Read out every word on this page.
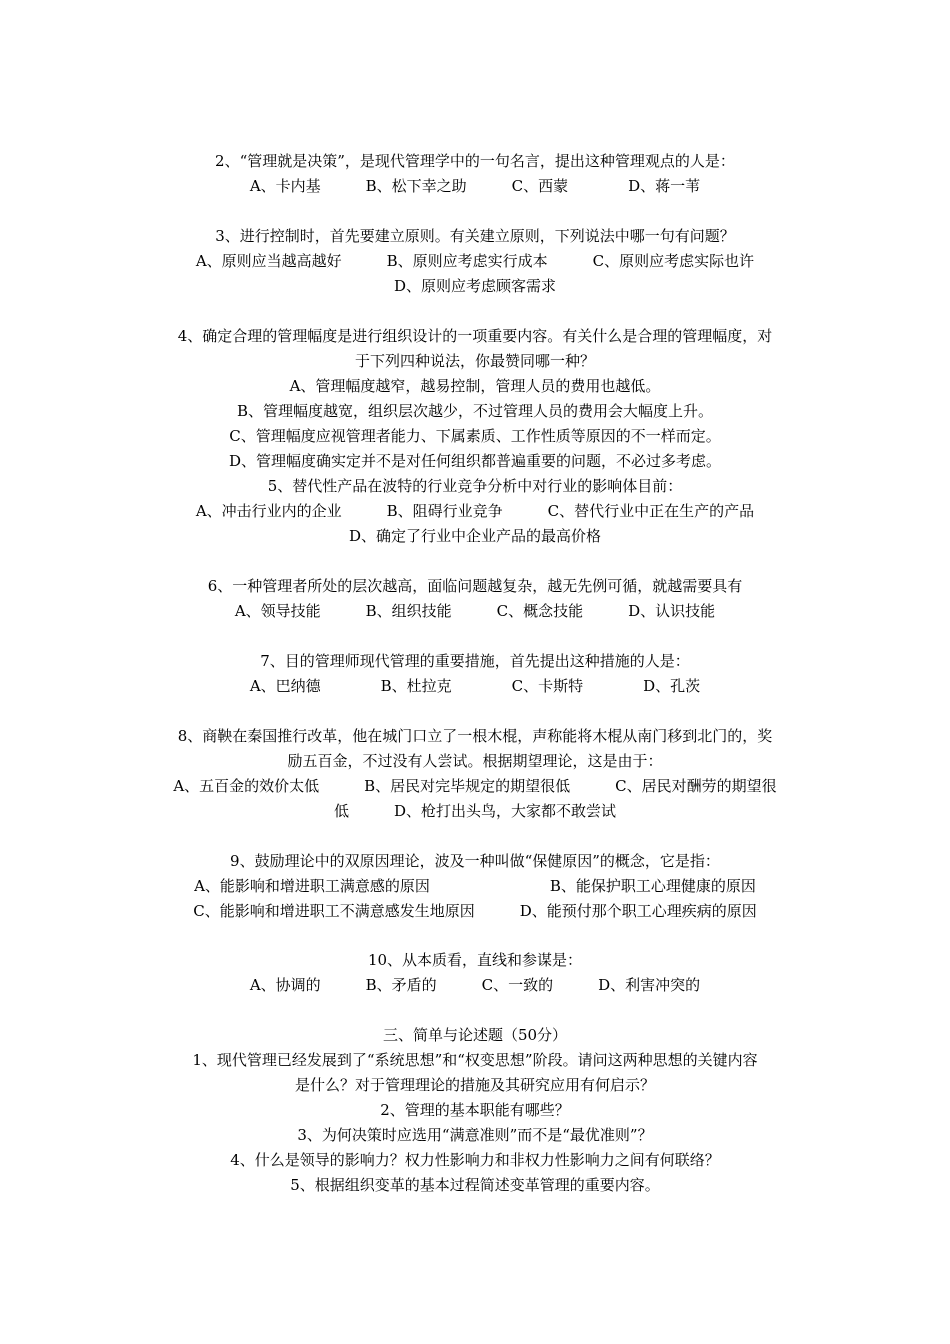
2、“管理就是决策”，是现代管理学中的一句名言，提出这种管理观点的人是：
A、卡内基　　　B、松下幸之助　　　C、西蒙　　　　D、蒋一苇
3、进行控制时，首先要建立原则。有关建立原则，下列说法中哪一句有问题？
A、原则应当越高越好　　　B、原则应考虑实行成本　　　C、原则应考虑实际也许
D、原则应考虑顾客需求
4、确定合理的管理幅度是进行组织设计的一项重要内容。有关什么是合理的管理幅度，对
于下列四种说法，你最赞同哪一种？
A、管理幅度越窄，越易控制，管理人员的费用也越低。
B、管理幅度越宽，组织层次越少，不过管理人员的费用会大幅度上升。
C、管理幅度应视管理者能力、下属素质、工作性质等原因的不一样而定。
D、管理幅度确实定并不是对任何组织都普遍重要的问题，不必过多考虑。
5、替代性产品在波特的行业竞争分析中对行业的影响体目前：
A、冲击行业内的企业　　　B、阻碍行业竞争　　　C、替代行业中正在生产的产品
D、确定了行业中企业产品的最高价格
6、一种管理者所处的层次越高，面临问题越复杂，越无先例可循，就越需要具有
A、领导技能　　　B、组织技能　　　C、概念技能　　　D、认识技能
7、目的管理师现代管理的重要措施，首先提出这种措施的人是：
A、巴纳德　　　　B、杜拉克　　　　C、卡斯特　　　　D、孔茨
8、商鞅在秦国推行改革，他在城门口立了一根木棍，声称能将木棍从南门移到北门的，奖
励五百金，不过没有人尝试。根据期望理论，这是由于：
A、五百金的效价太低　　　B、居民对完毕规定的期望很低　　　C、居民对酬劳的期望很
低　　　D、枪打出头鸟，大家都不敢尝试
9、鼓励理论中的双原因理论，波及一种叫做“保健原因”的概念，它是指：
A、能影响和增进职工满意感的原因　　　　　　　　B、能保护职工心理健康的原因
C、能影响和增进职工不满意感发生地原因　　　D、能预付那个职工心理疾病的原因
10、从本质看，直线和参谋是：
A、协调的　　　B、矛盾的　　　C、一致的　　　D、利害冲突的
三、简单与论述题（50分）
1、现代管理已经发展到了“系统思想”和“权变思想”阶段。请问这两种思想的关键内容
是什么？对于管理理论的措施及其研究应用有何启示？
2、管理的基本职能有哪些？
3、为何决策时应选用“满意准则”而不是“最优准则”？
4、什么是领导的影响力？权力性影响力和非权力性影响力之间有何联络？
5、根据组织变革的基本过程简述变革管理的重要内容。
